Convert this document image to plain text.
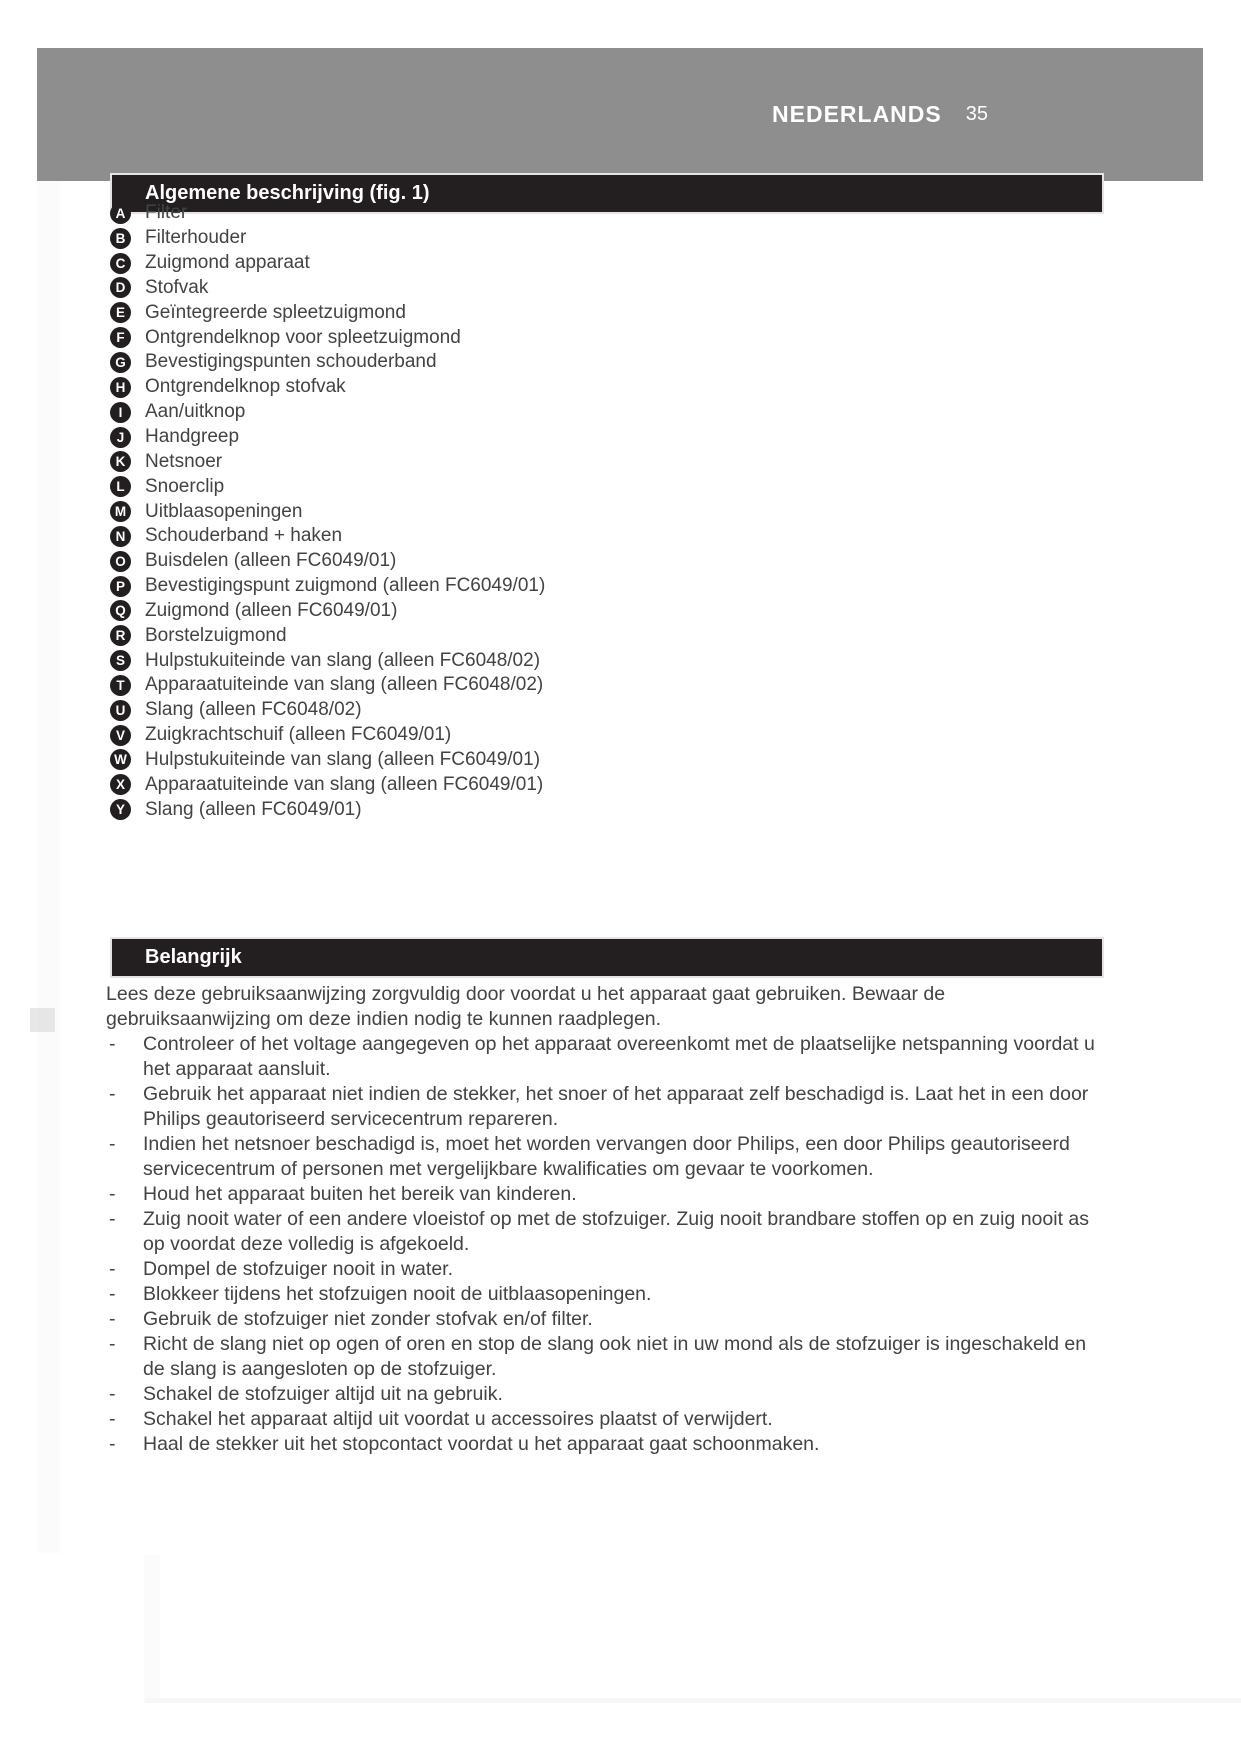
NEDERLANDS 35
Algemene beschrijving (fig. 1)
A Filter
B Filterhouder
C Zuigmond apparaat
D Stofvak
E	Geïntegreerde spleetzuigmond
F	Ontgrendelknop voor spleetzuigmond
G Bevestigingspunten schouderband
H Ontgrendelknop stofvak
I	Aan/uitknop
J	Handgreep
K Netsnoer
L	Snoerclip
M Uitblaasopeningen
N Schouderband + haken
O Buisdelen (alleen FC6049/01)
P	Bevestigingspunt zuigmond (alleen FC6049/01)
Q Zuigmond (alleen FC6049/01)
R Borstelzuigmond
S	Hulpstukuiteinde van slang (alleen FC6048/02)
T	Apparaatuiteinde van slang (alleen FC6048/02)
U Slang (alleen FC6048/02)
V	Zuigkrachtschuif (alleen FC6049/01)
W Hulpstukuiteinde van slang (alleen FC6049/01)
X	Apparaatuiteinde van slang (alleen FC6049/01)
Y	Slang (alleen FC6049/01)
Belangrijk

Lees deze gebruiksaanwijzing zorgvuldig door voordat u het apparaat gaat gebruiken. Bewaar de gebruiksaanwijzing om deze indien nodig te kunnen raadplegen.

-	Controleer of het voltage aangegeven op het apparaat overeenkomt met de plaatselijke netspanning voordat u het apparaat aansluit.
-	Gebruik het apparaat niet indien de stekker, het snoer of het apparaat zelf beschadigd is. Laat het in een door Philips geautoriseerd servicecentrum repareren.
-	Indien het netsnoer beschadigd is, moet het worden vervangen door Philips, een door Philips geautoriseerd servicecentrum of personen met vergelijkbare kwalificaties om gevaar te voorkomen.
-	Houd het apparaat buiten het bereik van kinderen.
-	Zuig nooit water of een andere vloeistof op met de stofzuiger. Zuig nooit brandbare stoffen op en zuig nooit as op voordat deze volledig is afgekoeld.
-	Dompel de stofzuiger nooit in water.
-	Blokkeer tijdens het stofzuigen nooit de uitblaasopeningen.
-	Gebruik de stofzuiger niet zonder stofvak en/of filter.
-	Richt de slang niet op ogen of oren en stop de slang ook niet in uw mond als de stofzuiger is ingeschakeld en de slang is aangesloten op de stofzuiger.
-	Schakel de stofzuiger altijd uit na gebruik.
-	Schakel het apparaat altijd uit voordat u accessoires plaatst of verwijdert.
-	Haal de stekker uit het stopcontact voordat u het apparaat gaat schoonmaken.
